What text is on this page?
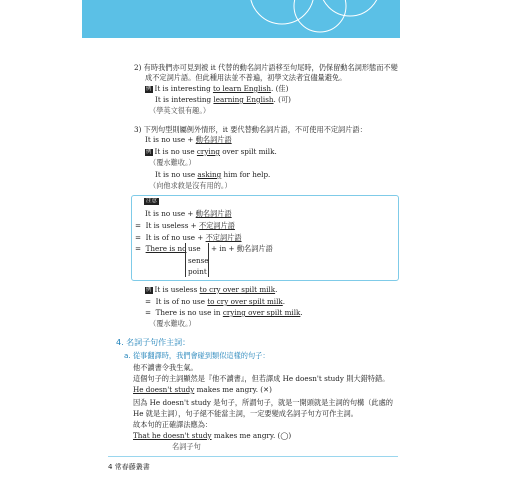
2) 有時我們亦可見到被 it 代替的動名詞片語移至句尾時，仍保留動名詞形態而不變
成不定詞片語。但此種用法並不普遍，初學文法者宜儘量避免。
例 It is interesting to learn English. (佳)
It is interesting learning English. (可)
（學英文很有趣。）
3) 下列句型則屬例外情形，it 要代替動名詞片語，不可使用不定詞片語：
It is no use + 動名詞片語
例 It is no use crying over spilt milk.
（覆水難收。）
It is no use asking him for help.
（向他求救是沒有用的。）
注意
It is no use + 動名詞片語
= It is useless + 不定詞片語
= It is of no use + 不定詞片語
= There is no use
sense
point
+ in + 動名詞片語
例 It is useless to cry over spilt milk.
= It is of no use to cry over spilt milk.
= There is no use in crying over spilt milk.
（覆水難收。）
4. 名詞子句作主詞：
a. 從事翻譯時，我們會碰到類似這樣的句子：
他不讀書令我生氣。
這個句子的主詞顯然是『他不讀書』，但若譯成 He doesn't study 則大錯特錯。
He doesn't study makes me angry. (✕)
因為 He doesn't study 是句子，所謂句子，就是一開頭就是主詞的句構（此處的
He 就是主詞），句子絕不能當主詞，一定要變成名詞子句方可作主詞。
故本句的正確譯法應為：
That he doesn't study makes me angry. (◯)
名詞子句
4 常春藤叢書
